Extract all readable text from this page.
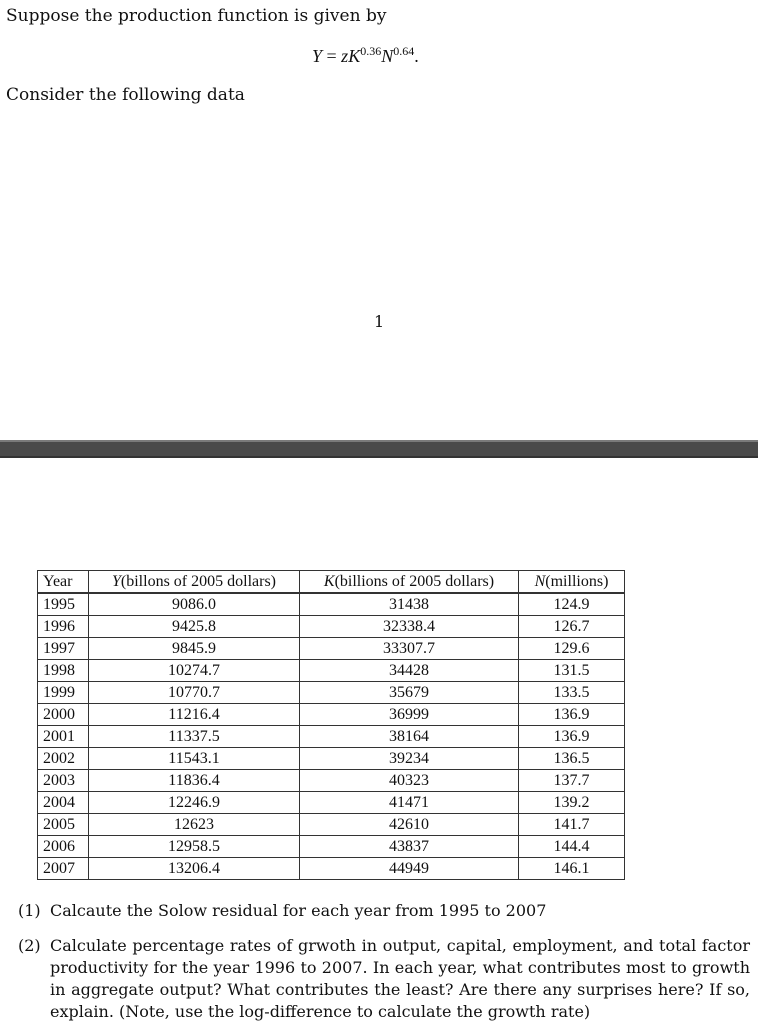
Suppose the production function is given by
$Y = zK^{0.36}N^{0.64}$.
Consider the following data
1
Year	Y(billons of 2005 dollars)	K(billions of 2005 dollars)	N(millions)
1995	9086.0	31438	124.9
1996	9425.8	32338.4	126.7
1997	9845.9	33307.7	129.6
1998	10274.7	34428	131.5
1999	10770.7	35679	133.5
2000	11216.4	36999	136.9
2001	11337.5	38164	136.9
2002	11543.1	39234	136.5
2003	11836.4	40323	137.7
2004	12246.9	41471	139.2
2005	12623	42610	141.7
2006	12958.5	43837	144.4
2007	13206.4	44949	146.1
(1) Calcaute the Solow residual for each year from 1995 to 2007
(2) Calculate percentage rates of grwoth in output, capital, employment, and total factor productivity for the year 1996 to 2007. In each year, what contributes most to growth in aggregate output? What contributes the least? Are there any surprises here? If so, explain. (Note, use the log-difference to calculate the growth rate)
